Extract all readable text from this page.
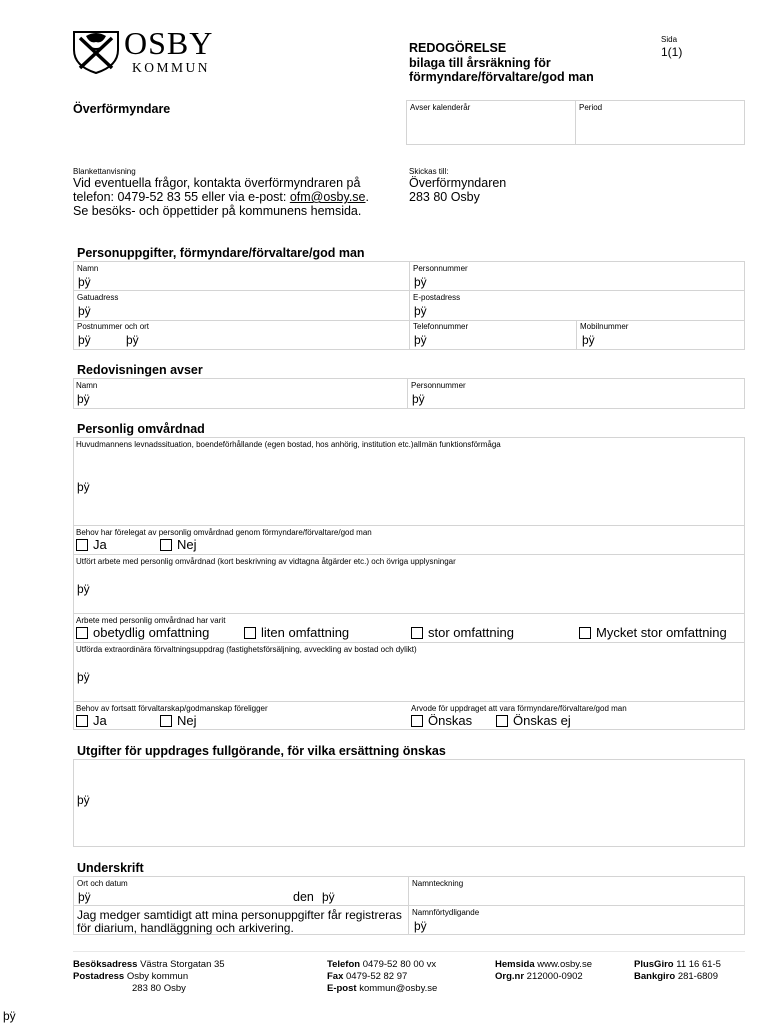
OSBY
KOMMUN
REDOGÖRELSE
bilaga till årsräkning för
förmyndare/förvaltare/god man
Sida
1(1)
Överförmyndare	Avser kalenderår	Period
Blankettanvisning
Vid eventuella frågor, kontakta överförmyndraren på
telefon: 0479-52 83 55 eller via e-post: ofm@osby.se.
Se besöks- och öppettider på kommunens hemsida.
Skickas till:
Överförmyndaren
283 80 Osby
Personuppgifter, förmyndare/förvaltare/god man
Namn
þÿ
Personnummer
þÿ
Gatuadress
þÿ
E-postadress
þÿ
Postnummer och ort
þÿ	þÿ
Telefonnummer
þÿ
Mobilnummer
þÿ
Redovisningen avser
Namn
þÿ
Personnummer
þÿ
Personlig omvårdnad
Huvudmannens levnadssituation, boendeförhållande (egen bostad, hos anhörig, institution etc.)allmän funktionsförmåga
þÿ
Behov har förelegat av personlig omvårdnad genom förmyndare/förvaltare/god man
Ja	Nej
Utfört arbete med personlig omvårdnad (kort beskrivning av vidtagna åtgärder etc.) och övriga upplysningar
þÿ
Arbete med personlig omvårdnad har varit
obetydlig omfattning	liten omfattning	stor omfattning	Mycket stor omfattning
Utförda extraordinära förvaltningsuppdrag (fastighetsförsäljning, avveckling av bostad och dylikt)
þÿ
Behov av fortsatt förvaltarskap/godmanskap föreligger
Ja	Nej
Arvode för uppdraget att vara förmyndare/förvaltare/god man
Önskas	Önskas ej
Utgifter för uppdrages fullgörande, för vilka ersättning önskas
þÿ
Underskrift
Ort och datum
þÿ	den þÿ
Namnteckning
Jag medger samtidigt att mina personuppgifter får registreras
för diarium, handläggning och arkivering.
Namnförtydligande
þÿ
Besöksadress Västra Storgatan 35
Postadress Osby kommun
283 80 Osby
Telefon 0479-52 80 00 vx
Fax 0479-52 82 97
E-post kommun@osby.se
Hemsida www.osby.se
Org.nr 212000-0902
PlusGiro 11 16 61-5
Bankgiro 281-6809
þÿ
